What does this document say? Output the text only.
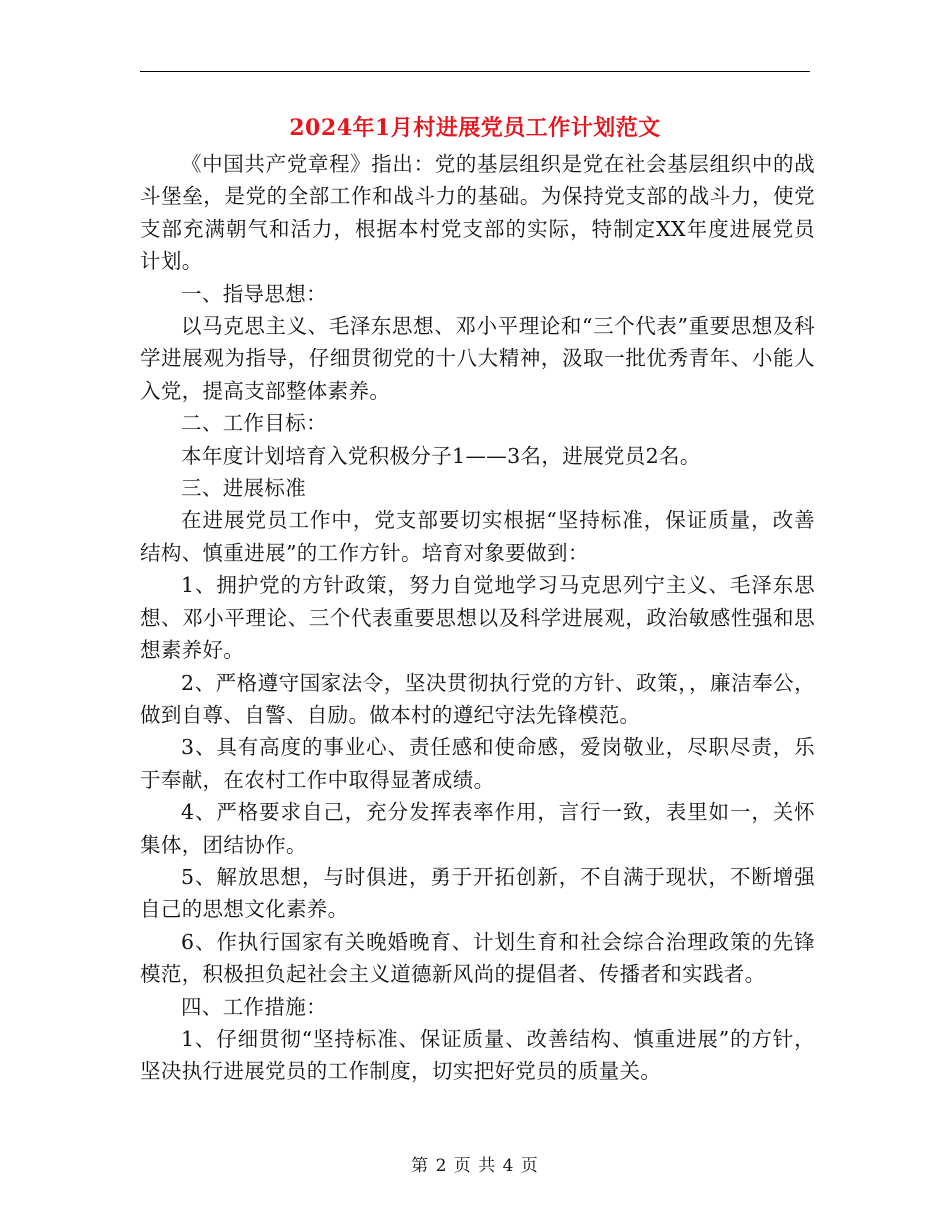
2024年1月村进展党员工作计划范文

《中国共产党章程》指出：党的基层组织是党在社会基层组织中的战斗堡垒，是党的全部工作和战斗力的基础。为保持党支部的战斗力，使党支部充满朝气和活力，根据本村党支部的实际，特制定XX年度进展党员计划。

一、指导思想：

以马克思主义、毛泽东思想、邓小平理论和“三个代表”重要思想及科学进展观为指导，仔细贯彻党的十八大精神，汲取一批优秀青年、小能人入党，提高支部整体素养。

二、工作目标：

本年度计划培育入党积极分子1——3名，进展党员2名。

三、进展标准

在进展党员工作中，党支部要切实根据“坚持标准，保证质量，改善结构、慎重进展”的工作方针。培育对象要做到：

1、拥护党的方针政策，努力自觉地学习马克思列宁主义、毛泽东思想、邓小平理论、三个代表重要思想以及科学进展观，政治敏感性强和思想素养好。

2、严格遵守国家法令，坚决贯彻执行党的方针、政策，，廉洁奉公，做到自尊、自警、自励。做本村的遵纪守法先锋模范。

3、具有高度的事业心、责任感和使命感，爱岗敬业，尽职尽责，乐于奉献，在农村工作中取得显著成绩。

4、严格要求自己，充分发挥表率作用，言行一致，表里如一，关怀集体，团结协作。

5、解放思想，与时俱进，勇于开拓创新，不自满于现状，不断增强自己的思想文化素养。

6、作执行国家有关晚婚晚育、计划生育和社会综合治理政策的先锋模范，积极担负起社会主义道德新风尚的提倡者、传播者和实践者。

四、工作措施：

1、仔细贯彻“坚持标准、保证质量、改善结构、慎重进展”的方针，坚决执行进展党员的工作制度，切实把好党员的质量关。

第 2 页 共 4 页
